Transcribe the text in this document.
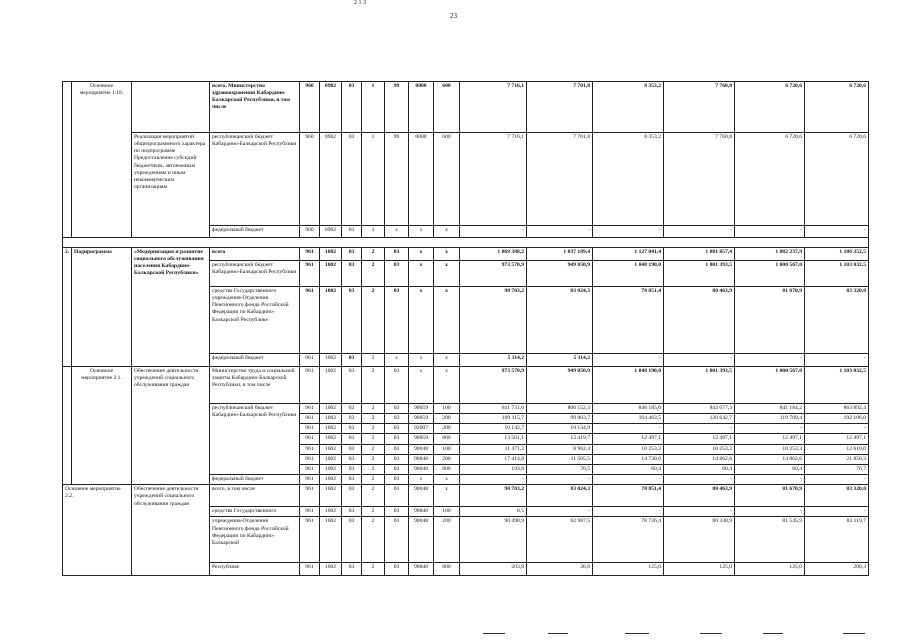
2 1 3
23
	Основное мероприятие 1.18.		всего, Министерство здравоохранения Кабардино-Балкарской Республики, в том числе	960	0902	03	1	99	0000	600	7 716,1	7 701,8	8 353,2	7 760,8	6 720,6	6 720,6
		Реализация мероприятий общепрограммного характера по подпрограмме Предоставление субсидий бюджетным, автономным учреждениям и иным некоммерческим организациям	республиканский бюджет Кабардино-Балкарской Республики	960	0902	03	1	99	0000	600	7 716,1	7 701,8	8 353,2	7 760,8	6 720,6	6 720,6
			федеральный бюджет	960	0902	03	1	х	х	х	-	-	-	-	-	-

2.	Подпрограмма	«Модернизация и развитие социального обслуживания населения Кабардино-Балкарской Республики»	всего	961	1002	03	2	03	х	х	1 069 388,2	1 037 189,4	1 127 041,4	1 081 857,4	1 082 237,9	1 186 352,5
			республиканский бюджет Кабардино-Балкарской Республики	961	1002	03	2	03	х	х	973 570,9	949 050,9	1 048 190,0	1 001 393,5	1 000 567,0	1 103 032,5
			средства Государственного учреждения-Отделения Пенсионного фонда Российской Федерации по Кабардино-Балкарской Республике	961	1002	03	2	03	х	х	90 703,2	83 024,3	78 851,4	80 463,9	81 670,9	83 320,0
			федеральный бюджет	961	1002	03	2	х	х	х	5 114,2	5 114,2	-	-	-	-
	Основное мероприятие 2.1.	Обеспечение деятельности учреждений социального обслуживания граждан	Министерство труда и социальной защиты Кабардино-Балкарской Республики, в том числе	961	1002	03	2	03	х	х	973 570,9	949 050,9	1 048 190,0	1 001 393,5	1 000 567,0	1 103 032,5
			республиканский бюджет Кабардино-Балкарской Республики	961	1002	03	2	03	90059	100	811 731,6	806 152,3	846 185,0	843 077,3	841 184,2	863 892,4
				961	1002	03	2	03	90059	200	109 115,7	99 803,7	164 463,5	120 642,7	119 709,4	192 106,0
				961	1002	03	2	03	92007	200	10 142,7	10 134,9	-	-	-	-
				961	1002	03	2	03	90059	800	13 501,1	12 419,7	12 497,1	12 497,1	12 497,1	12 497,1
				961	1002	03	2	03	90048	100	11 471,3	8 962,4	10 253,3	10 253,3	10 253,3	12 610,0
				961	1002	03	2	03	90048	200	17 414,8	11 505,5	14 730,6	14 862,6	14 862,6	21 850,3
				961	1002	03	2	03	90048	800	193,8	70,5	60,4	60,4	60,4	76,7
			федеральный бюджет	961	1002	03	2	03	х	х	-	-	-	-	-	-
Основное мероприятие 2.2.		Обеспечение деятельности учреждений социального обслуживания граждан	всего, в том числе	961	1002	03	2	03	90048	х	90 703,2	83 024,3	78 851,4	80 463,9	81 670,9	83 320,0
			средства Государственного	961	1002	03	2	03	90048	100	0,5	-	-	-	-	-
			учреждения-Отделения Пенсионного фонда Российской Федерации по Кабардино-Балкарской	961	1002	03	2	03	90048	200	90 498,9	82 987,5	78 726,4	80 338,9	81 545,9	83 119,7
			Республике	961	1002	03	2	03	90048	800	203,8	36,8	125,0	125,0	125,0	200,3
